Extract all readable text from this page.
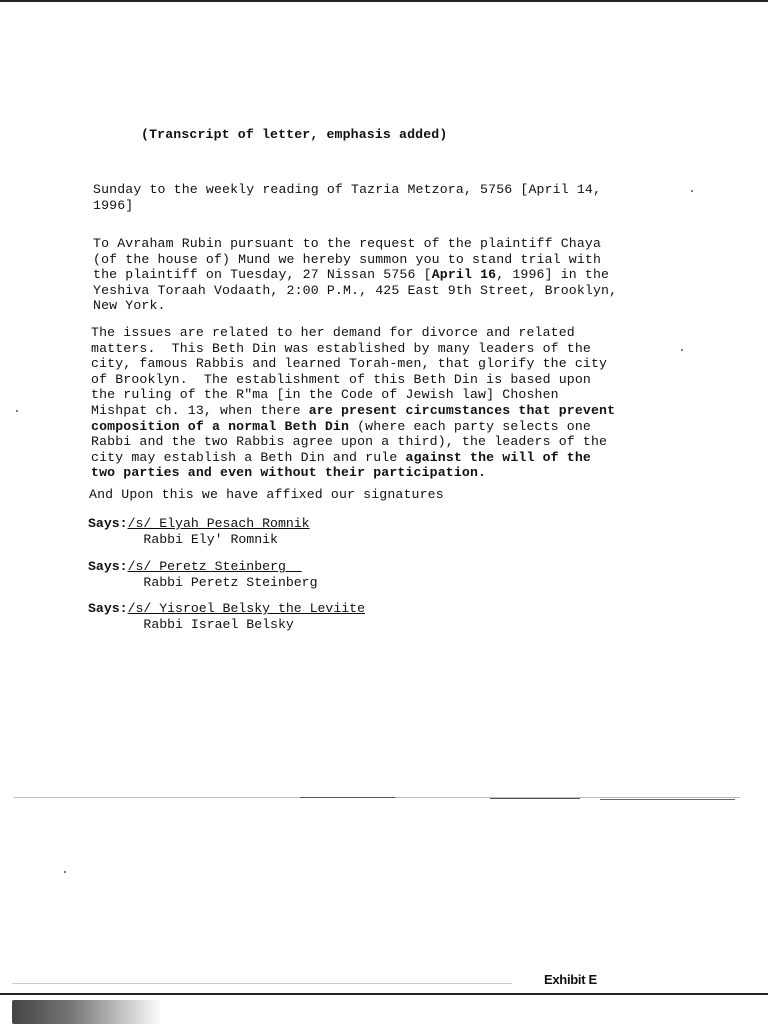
(Transcript of letter, emphasis added)
Sunday to the weekly reading of Tazria Metzora, 5756 [April 14,
1996]
To Avraham Rubin pursuant to the request of the plaintiff Chaya
(of the house of) Mund we hereby summon you to stand trial with
the plaintiff on Tuesday, 27 Nissan 5756 [April 16, 1996] in the
Yeshiva Toraah Vodaath, 2:00 P.M., 425 East 9th Street, Brooklyn,
New York.
The issues are related to her demand for divorce and related
matters.  This Beth Din was established by many leaders of the
city, famous Rabbis and learned Torah-men, that glorify the city
of Brooklyn.  The establishment of this Beth Din is based upon
the ruling of the R"ma [in the Code of Jewish law] Choshen
Mishpat ch. 13, when there are present circumstances that prevent
composition of a normal Beth Din (where each party selects one
Rabbi and the two Rabbis agree upon a third), the leaders of the
city may establish a Beth Din and rule against the will of the
two parties and even without their participation.
And Upon this we have affixed our signatures
Says:/s/ Elyah Pesach Romnik
Rabbi Ely' Romnik
Says:/s/ Peretz Steinberg
Rabbi Peretz Steinberg
Says:/s/ Yisroel Belsky the Leviite
Rabbi Israel Belsky
Exhibit E
